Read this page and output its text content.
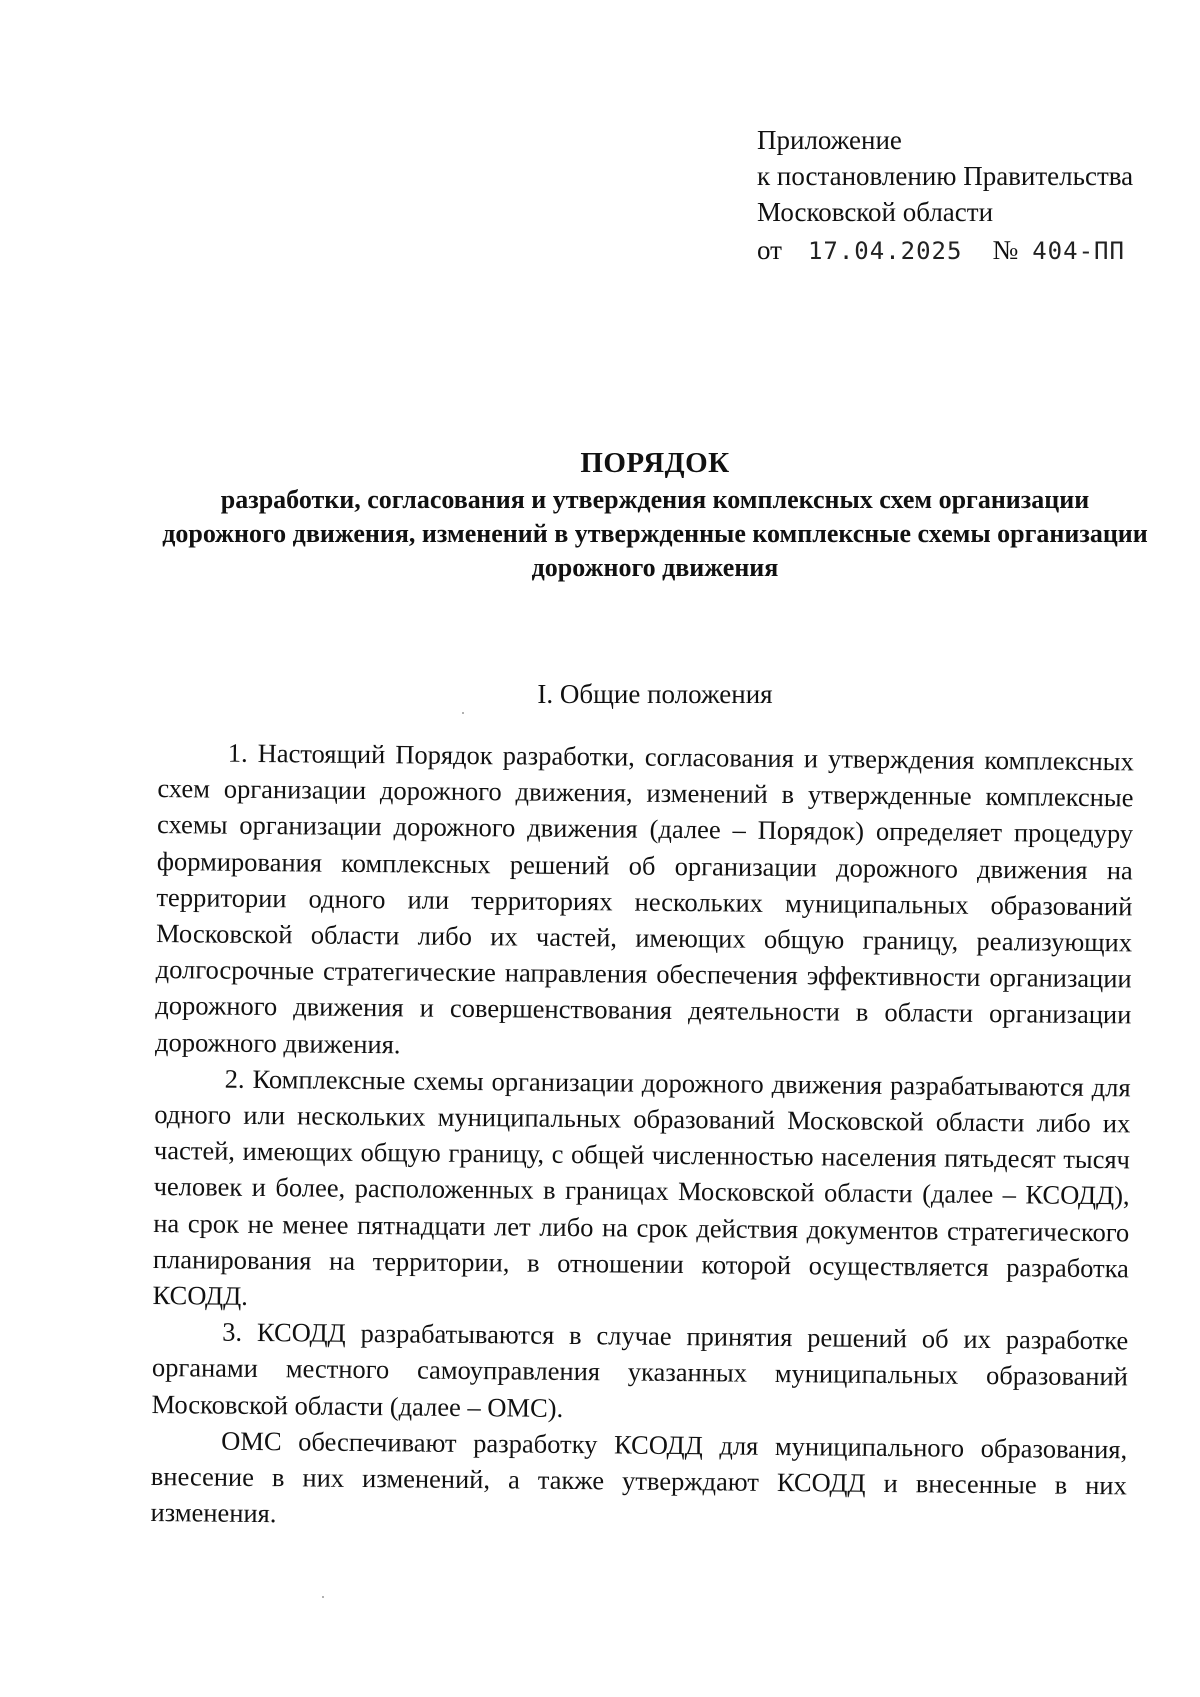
Приложение
к постановлению Правительства
Московской области
от 17.04.2025 № 404-ПП
ПОРЯДОК
разработки, согласования и утверждения комплексных схем организации дорожного движения, изменений в утвержденные комплексные схемы организации дорожного движения
I. Общие положения

1. Настоящий Порядок разработки, согласования и утверждения комплексных схем организации дорожного движения, изменений в утвержденные комплексные схемы организации дорожного движения (далее – Порядок) определяет процедуру формирования комплексных решений об организации дорожного движения на территории одного или территориях нескольких муниципальных образований Московской области либо их частей, имеющих общую границу, реализующих долгосрочные стратегические направления обеспечения эффективности организации дорожного движения и совершенствования деятельности в области организации дорожного движения.

2. Комплексные схемы организации дорожного движения разрабатываются для одного или нескольких муниципальных образований Московской области либо их частей, имеющих общую границу, с общей численностью населения пятьдесят тысяч человек и более, расположенных в границах Московской области (далее – КСОДД), на срок не менее пятнадцати лет либо на срок действия документов стратегического планирования на территории, в отношении которой осуществляется разработка КСОДД.

3. КСОДД разрабатываются в случае принятия решений об их разработке органами местного самоуправления указанных муниципальных образований Московской области (далее – ОМС).

ОМС обеспечивают разработку КСОДД для муниципального образования, внесение в них изменений, а также утверждают КСОДД и внесенные в них изменения.
